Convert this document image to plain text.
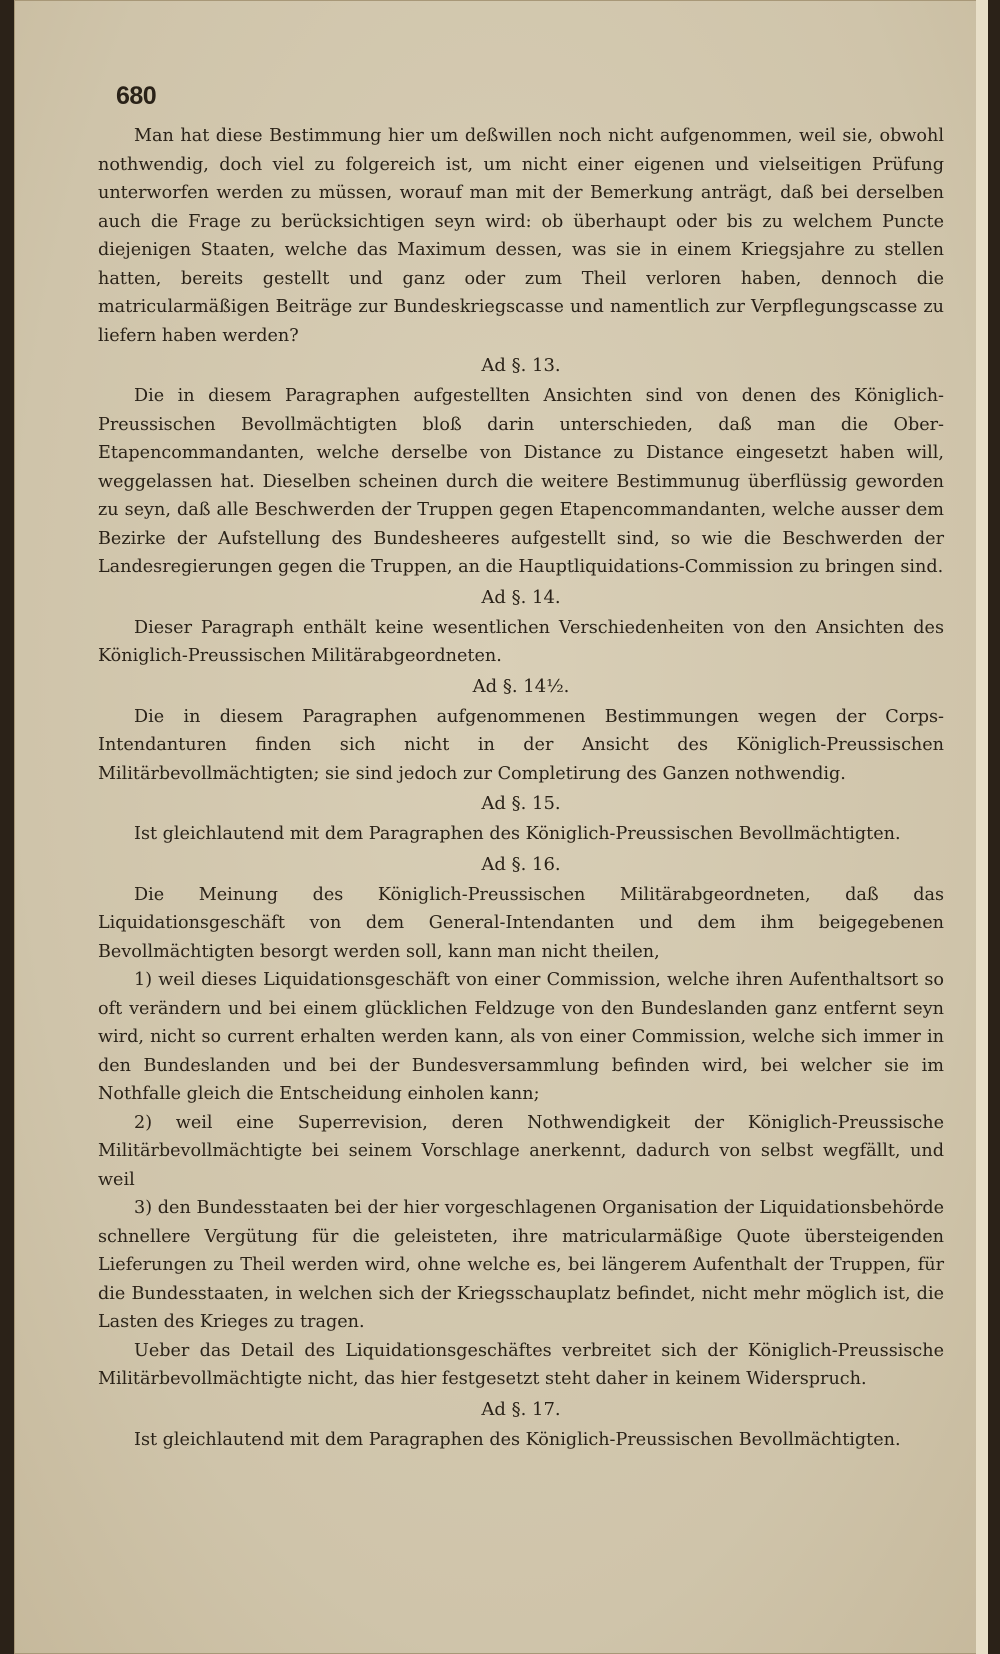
680

Man hat diese Bestimmung hier um deßwillen noch nicht aufgenommen, weil sie, obwohl nothwendig, doch viel zu folgereich ist, um nicht einer eigenen und vielseitigen Prüfung unterworfen werden zu müssen, worauf man mit der Bemerkung anträgt, daß bei derselben auch die Frage zu berücksichtigen seyn wird: ob überhaupt oder bis zu welchem Puncte diejenigen Staaten, welche das Maximum dessen, was sie in einem Kriegsjahre zu stellen hatten, bereits gestellt und ganz oder zum Theil verloren haben, dennoch die matricularmäßigen Beiträge zur Bundeskriegscasse und namentlich zur Verpflegungscasse zu liefern haben werden?

Ad §. 13.

Die in diesem Paragraphen aufgestellten Ansichten sind von denen des Königlich-Preussischen Bevollmächtigten bloß darin unterschieden, daß man die Ober-Etapencommandanten, welche derselbe von Distance zu Distance eingesetzt haben will, weggelassen hat. Dieselben scheinen durch die weitere Bestimmunug überflüssig geworden zu seyn, daß alle Beschwerden der Truppen gegen Etapencommandanten, welche ausser dem Bezirke der Aufstellung des Bundesheeres aufgestellt sind, so wie die Beschwerden der Landesregierungen gegen die Truppen, an die Hauptliquidations-Commission zu bringen sind.

Ad §. 14.

Dieser Paragraph enthält keine wesentlichen Verschiedenheiten von den Ansichten des Königlich-Preussischen Militärabgeordneten.

Ad §. 14½.

Die in diesem Paragraphen aufgenommenen Bestimmungen wegen der Corps-Intendanturen finden sich nicht in der Ansicht des Königlich-Preussischen Militärbevollmächtigten; sie sind jedoch zur Completirung des Ganzen nothwendig.

Ad §. 15.

Ist gleichlautend mit dem Paragraphen des Königlich-Preussischen Bevollmächtigten.

Ad §. 16.

Die Meinung des Königlich-Preussischen Militärabgeordneten, daß das Liquidationsgeschäft von dem General-Intendanten und dem ihm beigegebenen Bevollmächtigten besorgt werden soll, kann man nicht theilen,

1) weil dieses Liquidationsgeschäft von einer Commission, welche ihren Aufenthaltsort so oft verändern und bei einem glücklichen Feldzuge von den Bundeslanden ganz entfernt seyn wird, nicht so current erhalten werden kann, als von einer Commission, welche sich immer in den Bundeslanden und bei der Bundesversammlung befinden wird, bei welcher sie im Nothfalle gleich die Entscheidung einholen kann;

2) weil eine Superrevision, deren Nothwendigkeit der Königlich-Preussische Militärbevollmächtigte bei seinem Vorschlage anerkennt, dadurch von selbst wegfällt, und weil

3) den Bundesstaaten bei der hier vorgeschlagenen Organisation der Liquidationsbehörde schnellere Vergütung für die geleisteten, ihre matricularmäßige Quote übersteigenden Lieferungen zu Theil werden wird, ohne welche es, bei längerem Aufenthalt der Truppen, für die Bundesstaaten, in welchen sich der Kriegsschauplatz befindet, nicht mehr möglich ist, die Lasten des Krieges zu tragen.

Ueber das Detail des Liquidationsgeschäftes verbreitet sich der Königlich-Preussische Militärbevollmächtigte nicht, das hier festgesetzt steht daher in keinem Widerspruch.

Ad §. 17.

Ist gleichlautend mit dem Paragraphen des Königlich-Preussischen Bevollmächtigten.
